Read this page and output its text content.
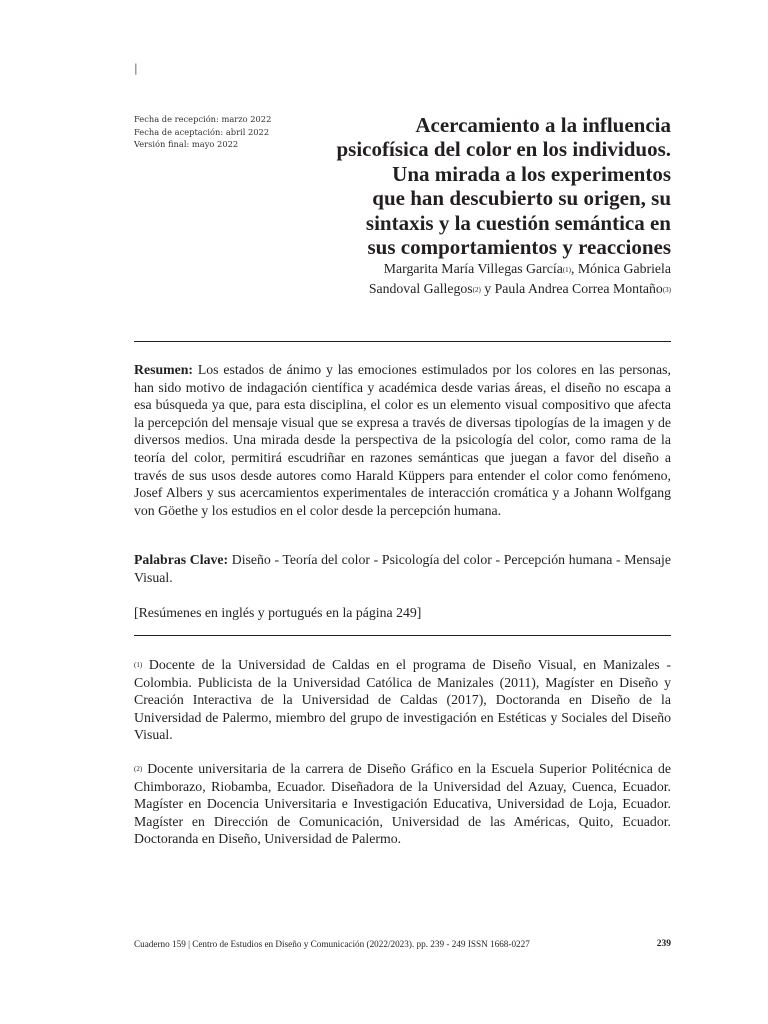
|
Fecha de recepción: marzo 2022
Fecha de aceptación: abril 2022
Versión final: mayo 2022
Acercamiento a la influencia
psicofísica del color en los individuos.
Una mirada a los experimentos
que han descubierto su origen, su
sintaxis y la cuestión semántica en
sus comportamientos y reacciones
Margarita María Villegas García$^{(1)}$, Mónica Gabriela
Sandoval Gallegos$^{(2)}$ y Paula Andrea Correa Montaño$^{(3)}$
Resumen: Los estados de ánimo y las emociones estimulados por los colores en las personas, han sido motivo de indagación científica y académica desde varias áreas, el diseño no escapa a esa búsqueda ya que, para esta disciplina, el color es un elemento visual compositivo que afecta la percepción del mensaje visual que se expresa a través de diversas tipologías de la imagen y de diversos medios. Una mirada desde la perspectiva de la psicología del color, como rama de la teoría del color, permitirá escudriñar en razones semánticas que juegan a favor del diseño a través de sus usos desde autores como Harald Küppers para entender el color como fenómeno, Josef Albers y sus acercamientos experimentales de interacción cromática y a Johann Wolfgang von Göethe y los estudios en el color desde la percepción humana.
Palabras Clave: Diseño - Teoría del color - Psicología del color - Percepción humana - Mensaje Visual.
[Resúmenes en inglés y portugués en la página 249]
$^{(1)}$ Docente de la Universidad de Caldas en el programa de Diseño Visual, en Manizales - Colombia. Publicista de la Universidad Católica de Manizales (2011), Magíster en Diseño y Creación Interactiva de la Universidad de Caldas (2017), Doctoranda en Diseño de la Universidad de Palermo, miembro del grupo de investigación en Estéticas y Sociales del Diseño Visual.
$^{(2)}$ Docente universitaria de la carrera de Diseño Gráfico en la Escuela Superior Politécnica de Chimborazo, Riobamba, Ecuador. Diseñadora de la Universidad del Azuay, Cuenca, Ecuador. Magíster en Docencia Universitaria e Investigación Educativa, Universidad de Loja, Ecuador. Magíster en Dirección de Comunicación, Universidad de las Américas, Quito, Ecuador. Doctoranda en Diseño, Universidad de Palermo.
Cuaderno 159 | Centro de Estudios en Diseño y Comunicación (2022/2023). pp. 239 - 249 ISSN 1668-0227	239
